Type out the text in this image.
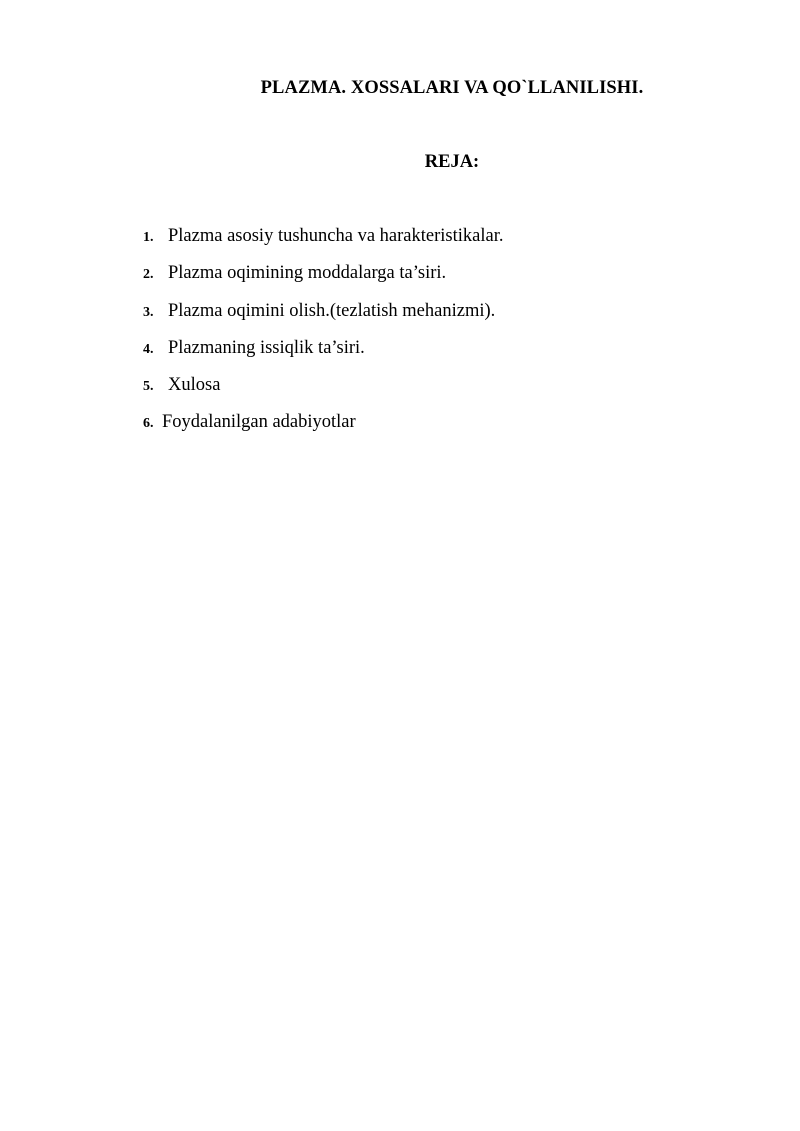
PLAZMA. XOSSALARI VA QO`LLANILISHI.
REJA:
1. Plazma asosiy tushuncha va harakteristikalar.
2. Plazma oqimining moddalarga ta’siri.
3. Plazma oqimini olish.(tezlatish mehanizmi).
4. Plazmaning issiqlik ta’siri.
5. Xulosa
6. Foydalanilgan adabiyotlar
